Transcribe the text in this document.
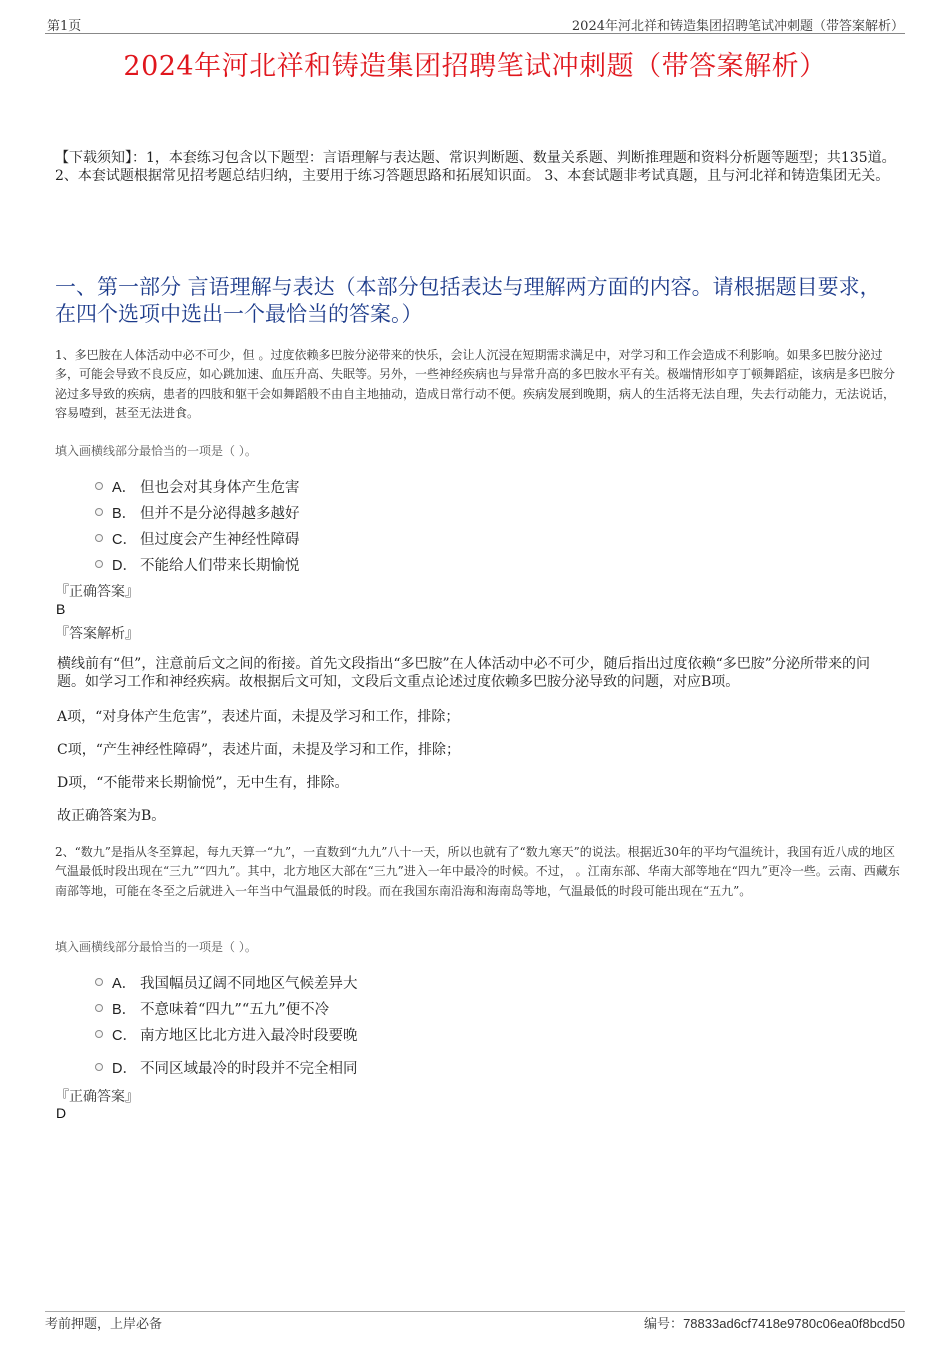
第1页	2024年河北祥和铸造集团招聘笔试冲刺题（带答案解析）
2024年河北祥和铸造集团招聘笔试冲刺题（带答案解析）
【下载须知】：1，本套练习包含以下题型：言语理解与表达题、常识判断题、数量关系题、判断推理题和资料分析题等题型；共135道。 2、本套试题根据常见招考题总结归纳，主要用于练习答题思路和拓展知识面。 3、本套试题非考试真题，且与河北祥和铸造集团无关。
一、第一部分 言语理解与表达（本部分包括表达与理解两方面的内容。请根据题目要求，在四个选项中选出一个最恰当的答案。）
1、多巴胺在人体活动中必不可少，但 。过度依赖多巴胺分泌带来的快乐，会让人沉浸在短期需求满足中，对学习和工作会造成不利影响。如果多巴胺分泌过多，可能会导致不良反应，如心跳加速、血压升高、失眠等。另外，一些神经疾病也与异常升高的多巴胺水平有关。极端情形如亨丁顿舞蹈症，该病是多巴胺分泌过多导致的疾病，患者的四肢和躯干会如舞蹈般不由自主地抽动，造成日常行动不便。疾病发展到晚期，病人的生活将无法自理，失去行动能力，无法说话，容易噎到，甚至无法进食。
填入画横线部分最恰当的一项是（ ）。
A． 但也会对其身体产生危害
B． 但并不是分泌得越多越好
C． 但过度会产生神经性障碍
D． 不能给人们带来长期愉悦
『正确答案』
B
『答案解析』
横线前有“但”，注意前后文之间的衔接。首先文段指出“多巴胺”在人体活动中必不可少，随后指出过度依赖“多巴胺”分泌所带来的问题。如学习工作和神经疾病。故根据后文可知，文段后文重点论述过度依赖多巴胺分泌导致的问题，对应B项。
A项，“对身体产生危害”，表述片面，未提及学习和工作，排除；
C项，“产生神经性障碍”，表述片面，未提及学习和工作，排除；
D项，“不能带来长期愉悦”，无中生有，排除。
故正确答案为B。
2、“数九”是指从冬至算起，每九天算一“九”，一直数到“九九”八十一天，所以也就有了“数九寒天”的说法。根据近30年的平均气温统计，我国有近八成的地区气温最低时段出现在“三九”“四九”。其中，北方地区大部在“三九”进入一年中最冷的时候。不过， 。江南东部、华南大部等地在“四九”更冷一些。云南、西藏东南部等地，可能在冬至之后就进入一年当中气温最低的时段。而在我国东南沿海和海南岛等地，气温最低的时段可能出现在“五九”。
填入画横线部分最恰当的一项是（ ）。
A． 我国幅员辽阔不同地区气候差异大
B． 不意味着“四九”“五九”便不冷
C． 南方地区比北方进入最冷时段要晚
D． 不同区域最冷的时段并不完全相同
『正确答案』
D
考前押题，上岸必备	编号：78833ad6cf7418e9780c06ea0f8bcd50
